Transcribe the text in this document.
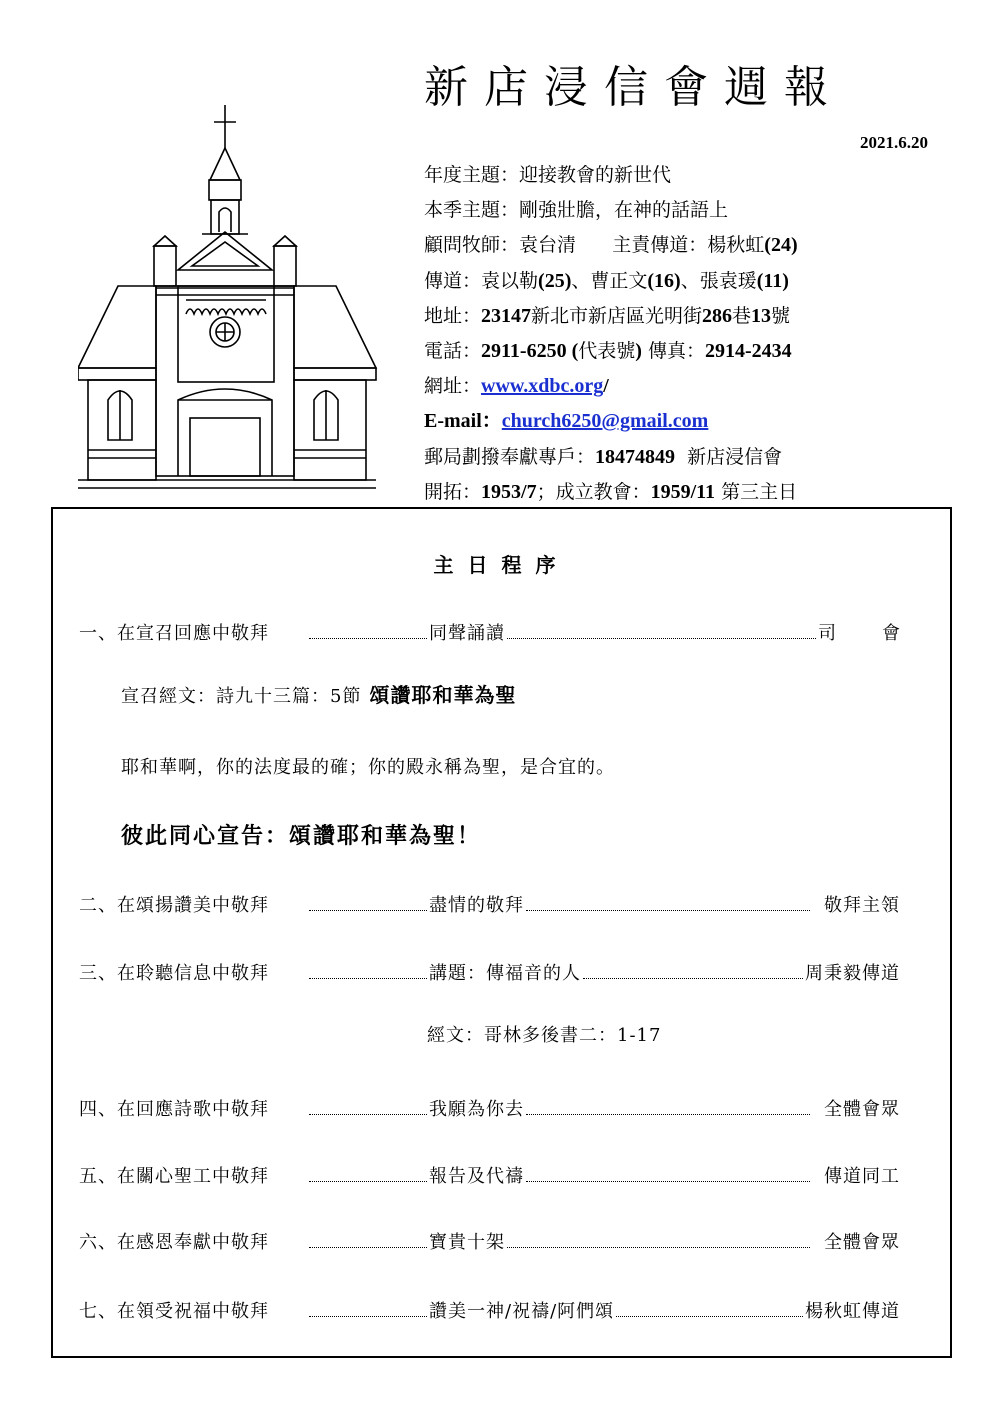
新店浸信會週報
2021.6.20
年度主題：迎接教會的新世代
本季主題：剛強壯膽，在神的話語上
顧問牧師：袁台清 主責傳道：楊秋虹(24)
傳道：袁以勒(25)、曹正文(16)、張袁瑗(11)
地址：23147新北市新店區光明街286巷13號
電話：2911-6250 (代表號) 傳真：2914-2434
網址：www.xdbc.org/
E-mail：church6250@gmail.com
郵局劃撥奉獻專戶：18474849 新店浸信會
開拓：1953/7；成立教會：1959/11 第三主日
主日程序
一、在宣召回應中敬拜	同聲誦讀	司會
宣召經文：詩九十三篇：5節 頌讚耶和華為聖
耶和華啊，你的法度最的確；你的殿永稱為聖，是合宜的。
彼此同心宣告：頌讚耶和華為聖！
二、在頌揚讚美中敬拜	盡情的敬拜	敬拜主領
三、在聆聽信息中敬拜	講題：傳福音的人	周秉毅傳道
經文：哥林多後書二：1-17
四、在回應詩歌中敬拜	我願為你去	全體會眾
五、在關心聖工中敬拜	報告及代禱	傳道同工
六、在感恩奉獻中敬拜	寶貴十架	全體會眾
七、在領受祝福中敬拜	讚美一神/祝禱/阿們頌	楊秋虹傳道
